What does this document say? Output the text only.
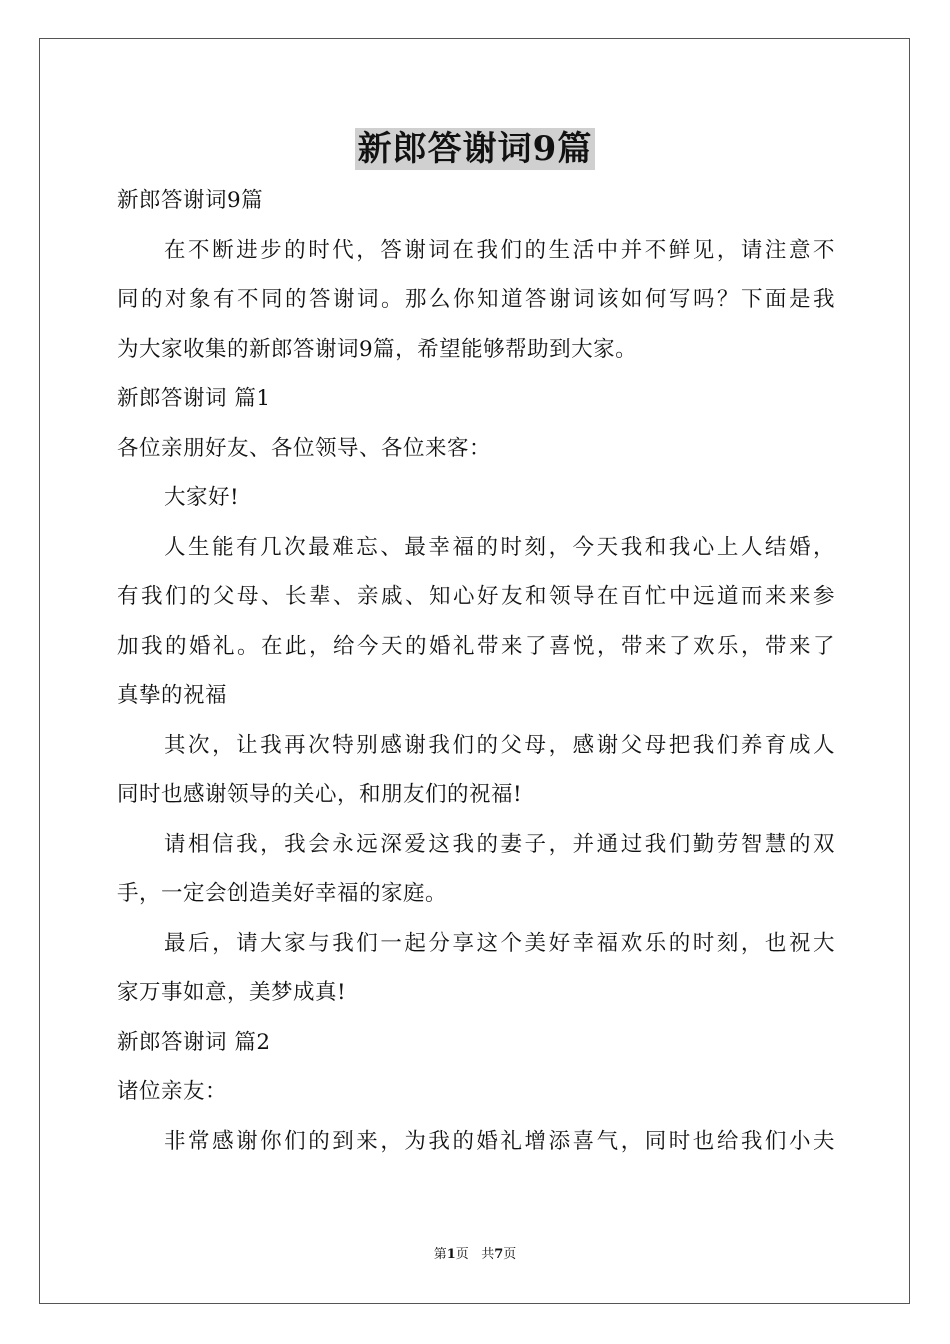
新郎答谢词9篇
新郎答谢词9篇
在不断进步的时代，答谢词在我们的生活中并不鲜见，请注意不
同的对象有不同的答谢词。那么你知道答谢词该如何写吗？下面是我
为大家收集的新郎答谢词9篇，希望能够帮助到大家。
新郎答谢词 篇1
各位亲朋好友、各位领导、各位来客：
大家好!
人生能有几次最难忘、最幸福的时刻，今天我和我心上人结婚，
有我们的父母、长辈、亲戚、知心好友和领导在百忙中远道而来来参
加我的婚礼。在此，给今天的婚礼带来了喜悦，带来了欢乐，带来了
真挚的祝福
其次，让我再次特别感谢我们的父母，感谢父母把我们养育成人
同时也感谢领导的关心，和朋友们的祝福!
请相信我，我会永远深爱这我的妻子，并通过我们勤劳智慧的双
手，一定会创造美好幸福的家庭。
最后，请大家与我们一起分享这个美好幸福欢乐的时刻，也祝大
家万事如意，美梦成真!
新郎答谢词 篇2
诸位亲友：
非常感谢你们的到来，为我的婚礼增添喜气，同时也给我们小夫
第1页 共7页
